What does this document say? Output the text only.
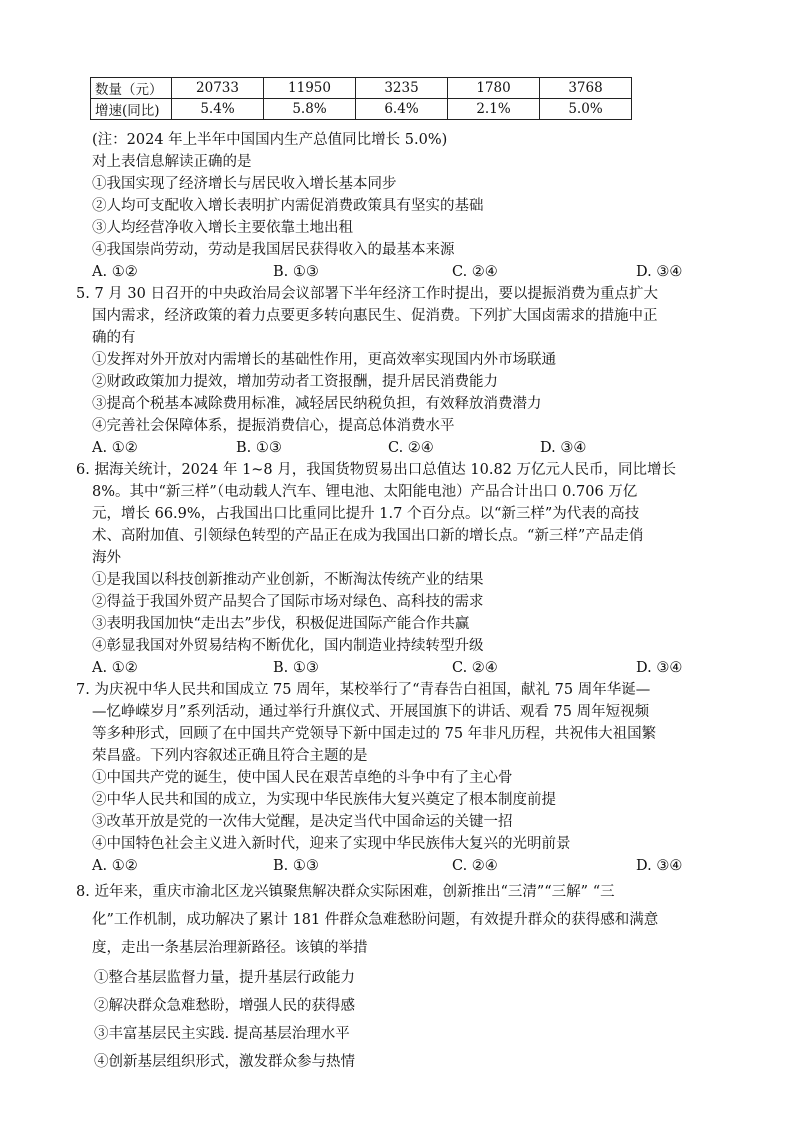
数量（元）	20733	11950	3235	1780	3768
增速(同比)	5.4%	5.8%	6.4%	2.1%	5.0%
(注：2024 年上半年中国国内生产总值同比增长 5.0%)
对上表信息解读正确的是
①我国实现了经济增长与居民收入增长基本同步
②人均可支配收入增长表明扩内需促消费政策具有坚实的基础
③人均经营净收入增长主要依靠土地出租
④我国崇尚劳动，劳动是我国居民获得收入的最基本来源
A. ①②	B. ①③	C. ②④	D. ③④
5. 7 月 30 日召开的中央政治局会议部署下半年经济工作时提出，要以提振消费为重点扩大
国内需求，经济政策的着力点要更多转向惠民生、促消费。下列扩大国卤需求的措施中正
确的有
①发挥对外开放对内需增长的基础性作用，更高效率实现国内外市场联通
②财政政策加力提效，增加劳动者工资报酬，提升居民消费能力
③提高个税基本减除费用标准，减轻居民纳税负担，有效释放消费潜力
④完善社会保障体系，提振消费信心，提高总体消费水平
A. ①②	B. ①③	C. ②④	D. ③④
6. 据海关统计，2024 年 1~8 月，我国货物贸易出口总值达 10.82 万亿元人民币，同比增长
8%。其中“新三样”（电动载人汽车、锂电池、太阳能电池）产品合计出口 0.706 万亿
元，增长 66.9%，占我国出口比重同比提升 1.7 个百分点。以“新三样”为代表的高技
术、高附加值、引领绿色转型的产品正在成为我国出口新的增长点。“新三样”产品走俏
海外
①是我国以科技创新推动产业创新，不断淘汰传统产业的结果
②得益于我国外贸产品契合了国际市场对绿色、高科技的需求
③表明我国加快“走出去”步伐，积极促进国际产能合作共赢
④彰显我国对外贸易结构不断优化，国内制造业持续转型升级
A. ①②	B. ①③	C. ②④	D. ③④
7. 为庆祝中华人民共和国成立 75 周年，某校举行了“青春告白祖国，献礼 75 周年华诞—
—忆峥嵘岁月”系列活动，通过举行升旗仪式、开展国旗下的讲话、观看 75 周年短视频
等多种形式，回顾了在中国共产党领导下新中国走过的 75 年非凡历程，共祝伟大祖国繁
荣昌盛。下列内容叙述正确且符合主题的是
①中国共产党的诞生，使中国人民在艰苦卓绝的斗争中有了主心骨
②中华人民共和国的成立，为实现中华民族伟大复兴奠定了根本制度前提
③改革开放是党的一次伟大觉醒，是决定当代中国命运的关键一招
④中国特色社会主义进入新时代，迎来了实现中华民族伟大复兴的光明前景
A. ①②	B. ①③	C. ②④	D. ③④
8. 近年来，重庆市渝北区龙兴镇聚焦解决群众实际困难，创新推出“三清”“三解” “三
化”工作机制，成功解决了累计 181 件群众急难愁盼问题，有效提升群众的获得感和满意
度，走出一条基层治理新路径。该镇的举措
①整合基层监督力量，提升基层行政能力
②解决群众急难愁盼，增强人民的获得感
③丰富基层民主实践. 提高基层治理水平
④创新基层组织形式，激发群众参与热情
